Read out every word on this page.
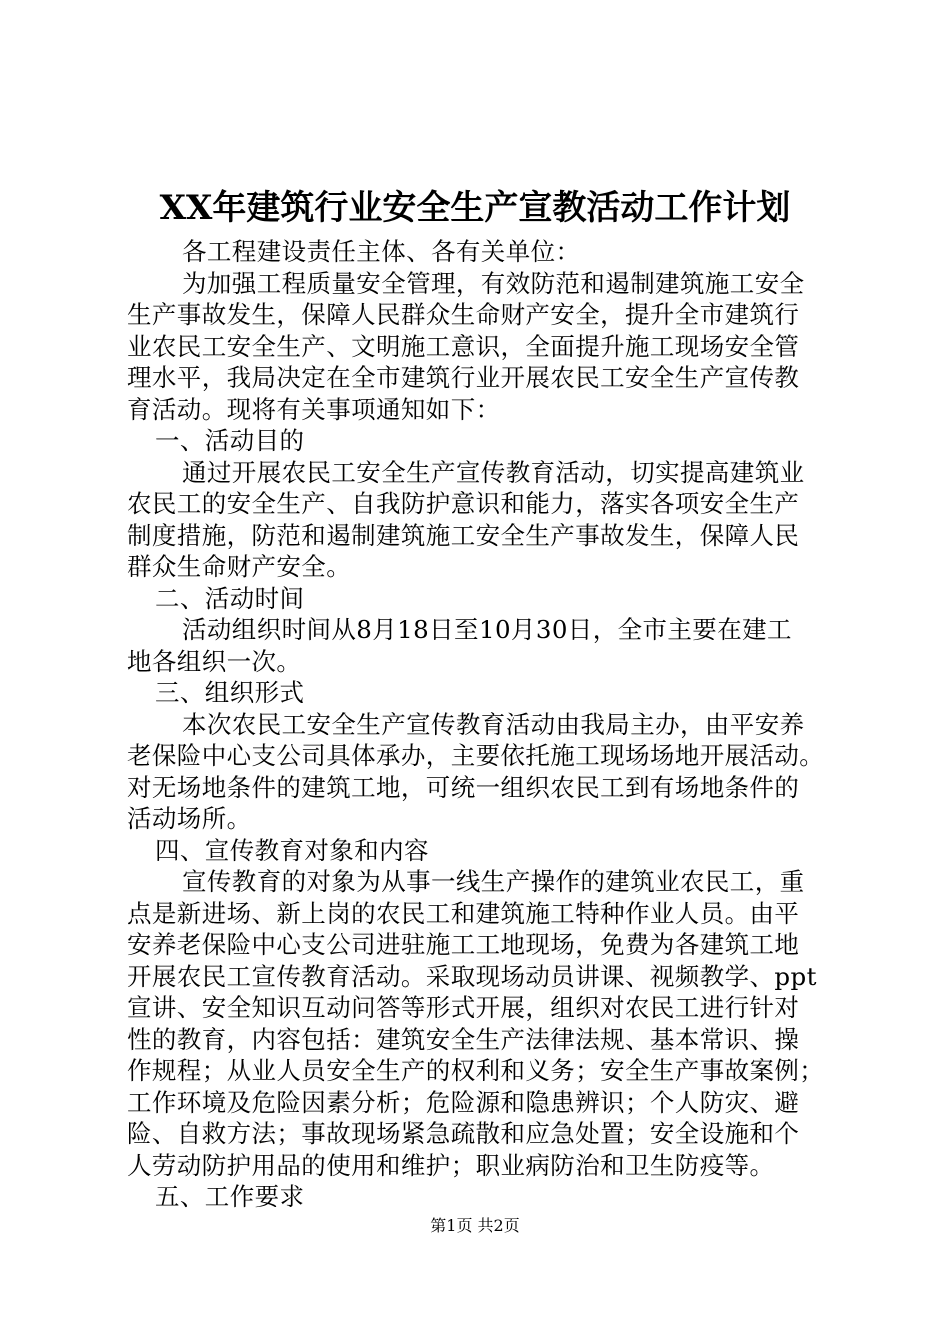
XX年建筑行业安全生产宣教活动工作计划
各工程建设责任主体、各有关单位：
为加强工程质量安全管理，有效防范和遏制建筑施工安全
生产事故发生，保障人民群众生命财产安全，提升全市建筑行
业农民工安全生产、文明施工意识，全面提升施工现场安全管
理水平，我局决定在全市建筑行业开展农民工安全生产宣传教
育活动。现将有关事项通知如下：
一、活动目的
通过开展农民工安全生产宣传教育活动，切实提高建筑业
农民工的安全生产、自我防护意识和能力，落实各项安全生产
制度措施，防范和遏制建筑施工安全生产事故发生，保障人民
群众生命财产安全。
二、活动时间
活动组织时间从8月18日至10月30日，全市主要在建工
地各组织一次。
三、组织形式
本次农民工安全生产宣传教育活动由我局主办，由平安养
老保险中心支公司具体承办，主要依托施工现场场地开展活动。
对无场地条件的建筑工地，可统一组织农民工到有场地条件的
活动场所。
四、宣传教育对象和内容
宣传教育的对象为从事一线生产操作的建筑业农民工，重
点是新进场、新上岗的农民工和建筑施工特种作业人员。由平
安养老保险中心支公司进驻施工工地现场，免费为各建筑工地
开展农民工宣传教育活动。采取现场动员讲课、视频教学、ppt
宣讲、安全知识互动问答等形式开展，组织对农民工进行针对
性的教育，内容包括：建筑安全生产法律法规、基本常识、操
作规程；从业人员安全生产的权利和义务；安全生产事故案例；
工作环境及危险因素分析；危险源和隐患辨识；个人防灾、避
险、自救方法；事故现场紧急疏散和应急处置；安全设施和个
人劳动防护用品的使用和维护；职业病防治和卫生防疫等。
五、工作要求
第1页 共2页
